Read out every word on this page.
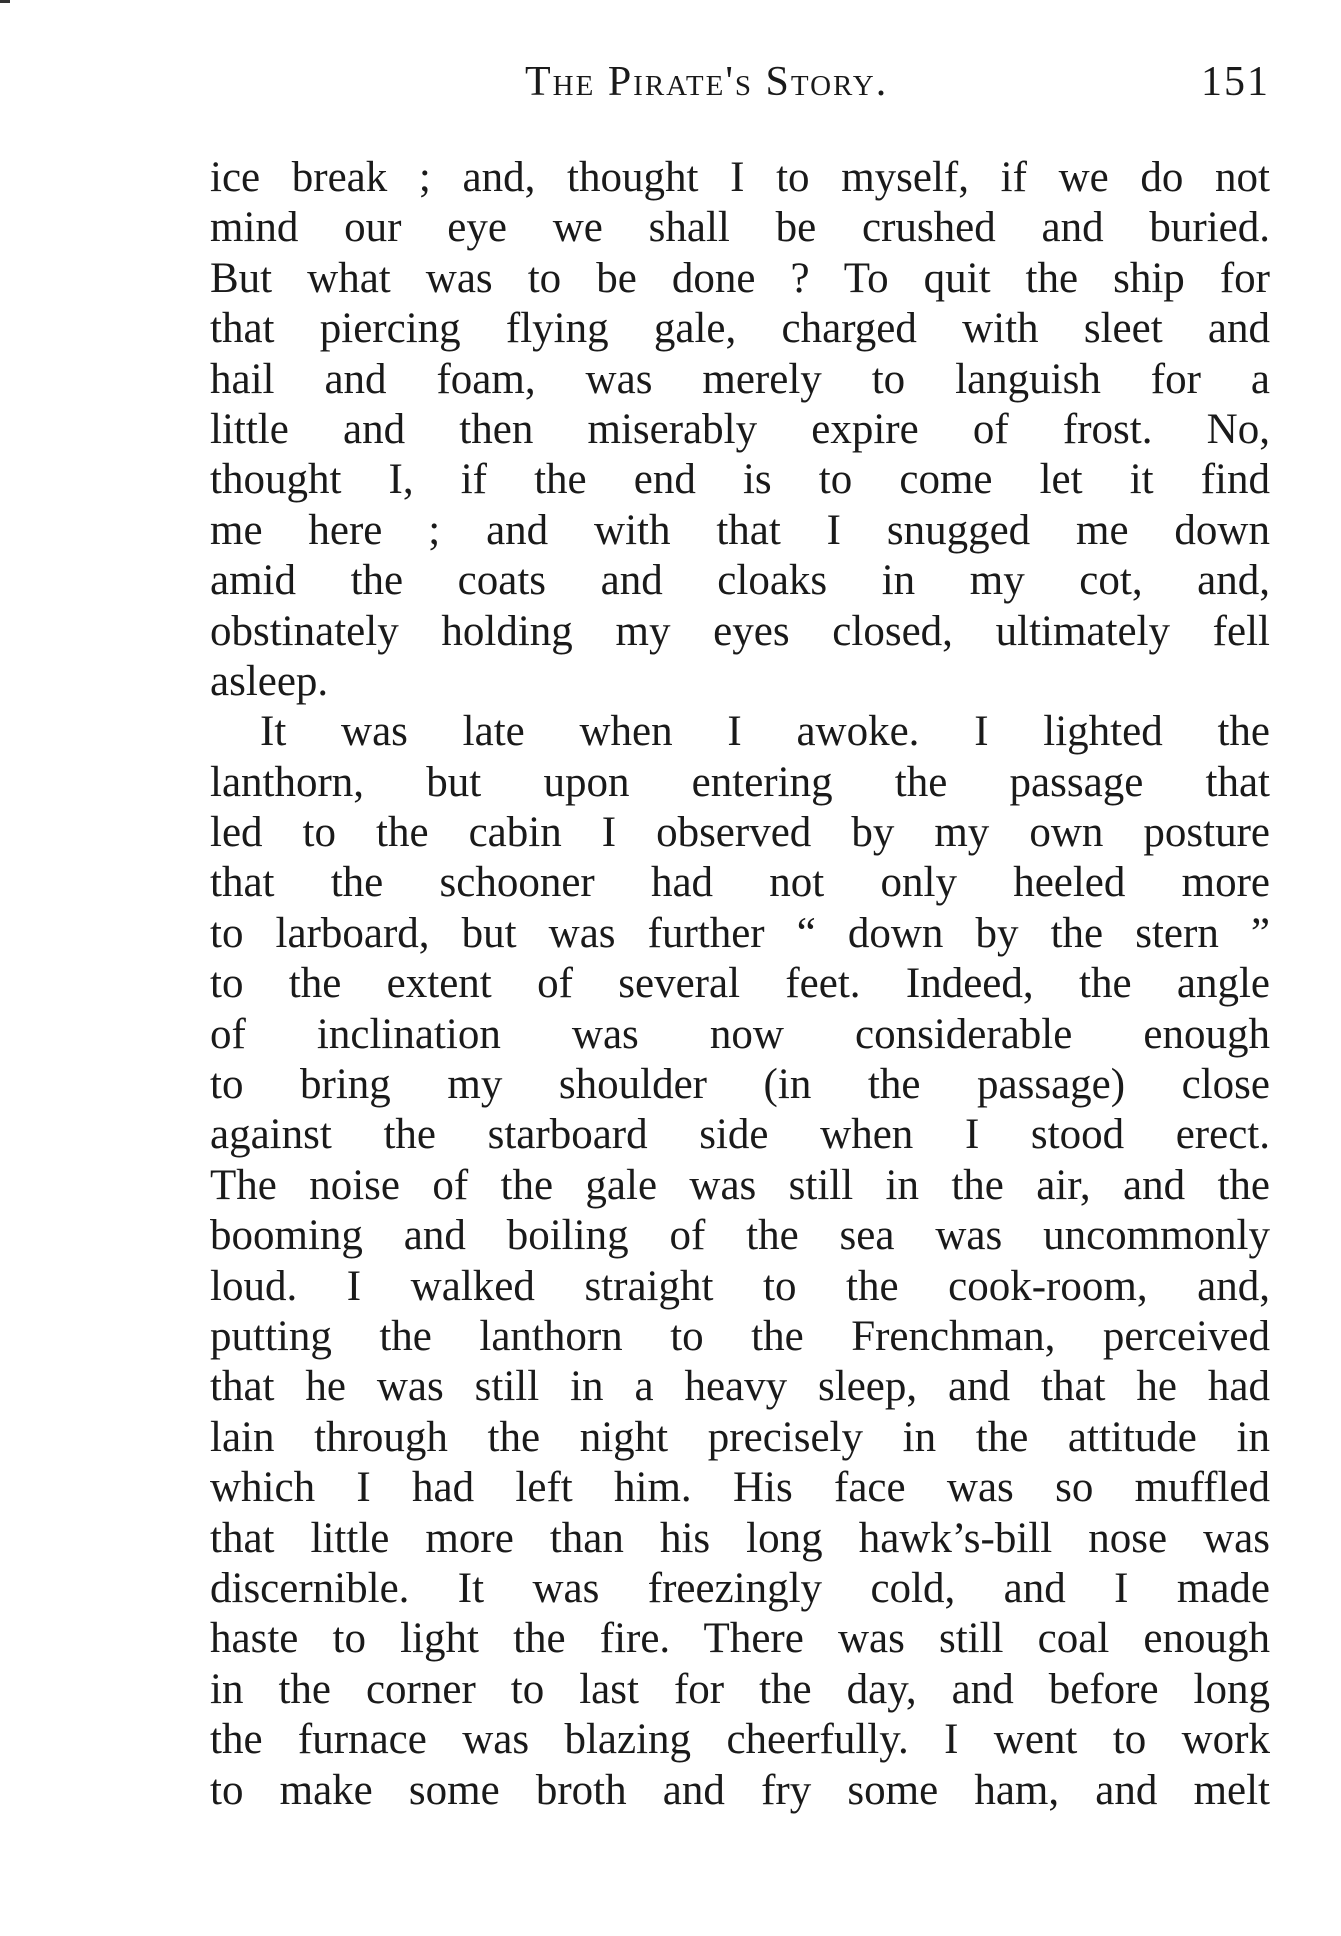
The Pirate's Story.	151
ice break ; and, thought I to myself, if we do not
mind our eye we shall be crushed and buried.
But what was to be done ? To quit the ship for
that piercing flying gale, charged with sleet and
hail and foam, was merely to languish for a
little and then miserably expire of frost. No,
thought I, if the end is to come let it find
me here ; and with that I snugged me down
amid the coats and cloaks in my cot, and,
obstinately holding my eyes closed, ultimately fell
asleep.
It was late when I awoke. I lighted the
lanthorn, but upon entering the passage that
led to the cabin I observed by my own posture
that the schooner had not only heeled more
to larboard, but was further “ down by the stern ”
to the extent of several feet. Indeed, the angle
of inclination was now considerable enough
to bring my shoulder (in the passage) close
against the starboard side when I stood erect.
The noise of the gale was still in the air, and the
booming and boiling of the sea was uncommonly
loud. I walked straight to the cook-room, and,
putting the lanthorn to the Frenchman, perceived
that he was still in a heavy sleep, and that he had
lain through the night precisely in the attitude in
which I had left him. His face was so muffled
that little more than his long hawk’s-bill nose was
discernible. It was freezingly cold, and I made
haste to light the fire. There was still coal enough
in the corner to last for the day, and before long
the furnace was blazing cheerfully. I went to work
to make some broth and fry some ham, and melt
